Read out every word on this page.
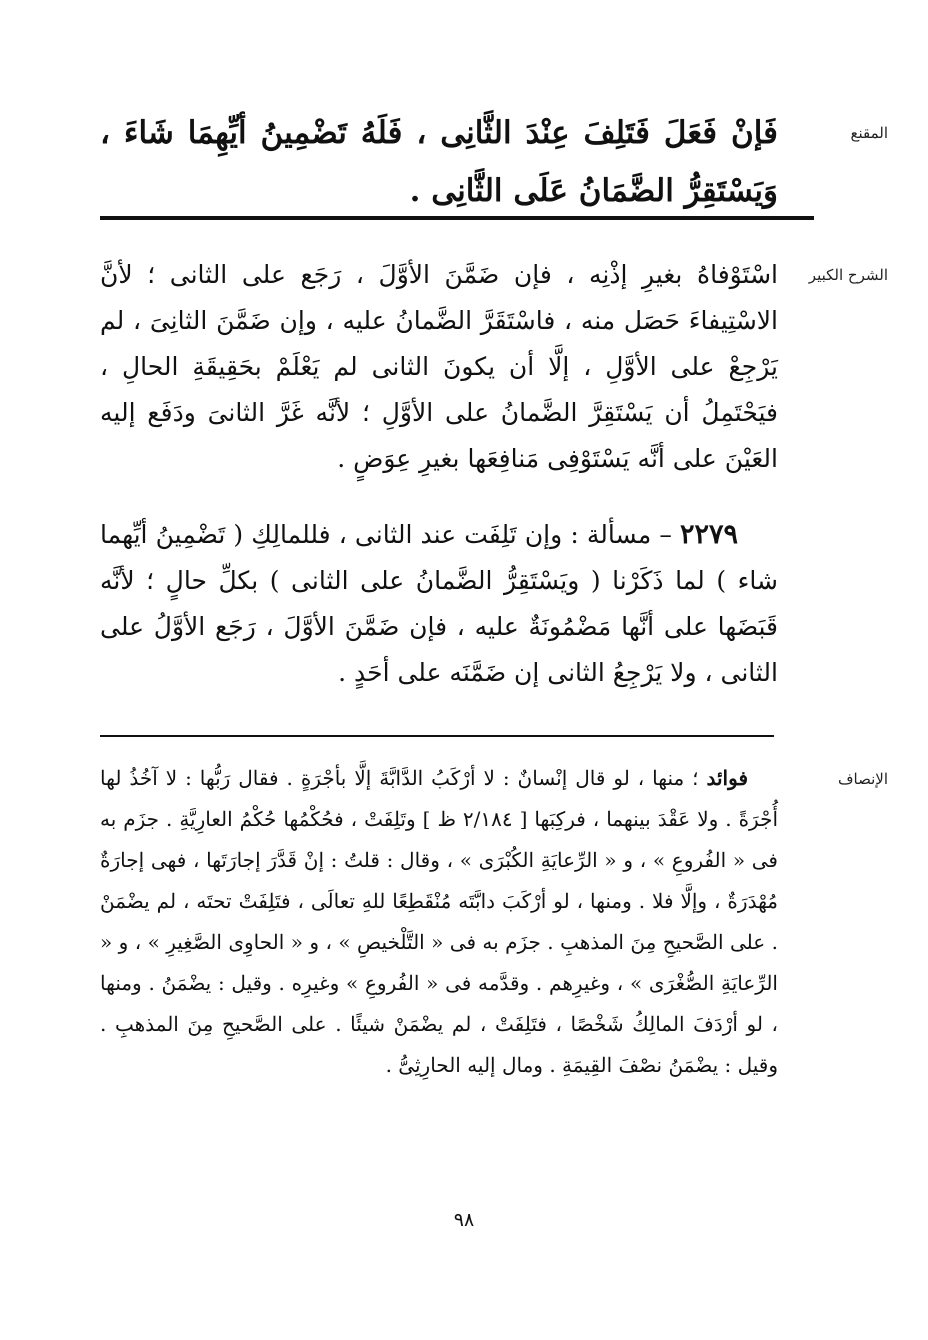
المقنع
فَإنْ فَعَلَ فَتَلِفَ عِنْدَ الثَّانِى ، فَلَهُ تَضْمِينُ أيِّهِمَا شَاءَ ، وَيَسْتَقِرُّ الضَّمَانُ عَلَى الثَّانِى .
الشرح الكبير
اسْتَوْفاهُ بغيرِ إذْنِه ، فإن ضَمَّنَ الأوَّلَ ، رَجَع على الثانى ؛ لأنَّ الاسْتِيفاءَ حَصَل منه ، فاسْتَقَرَّ الضَّمانُ عليه ، وإن ضَمَّنَ الثانِىَ ، لم يَرْجِعْ على الأوَّلِ ، إلَّا أن يكونَ الثانى لم يَعْلَمْ بحَقِيقَةِ الحالِ ، فيَحْتَمِلُ أن يَسْتَقِرَّ الضَّمانُ على الأوَّلِ ؛ لأنَّه غَرَّ الثانىَ ودَفَع إليه العَيْنَ على أنَّه يَسْتَوْفِى مَنافِعَها بغيرِ عِوَضٍ .
٢٢٧٩ – مسألة : وإن تَلِفَت عند الثانى ، فللمالِكِ ( تَضْمِينُ أيِّهما شاء ) لما ذَكَرْنا ( ويَسْتَقِرُّ الضَّمانُ على الثانى ) بكلِّ حالٍ ؛ لأنَّه قَبَضَها على أنَّها مَضْمُونَةٌ عليه ، فإن ضَمَّنَ الأوَّلَ ، رَجَع الأوَّلُ على الثانى ، ولا يَرْجِعُ الثانى إن ضَمَّنَه على أحَدٍ .
الإنصاف
فوائد ؛ منها ، لو قال إنْسانٌ : لا أرْكَبُ الدَّابَّةَ إلَّا بأجْرَةٍ . فقال رَبُّها : لا آخُذُ لها أُجْرَةً . ولا عَقْدَ بينهما ، فركِبَها [ ٢/١٨٤ ظ ] وتَلِفَتْ ، فحُكْمُها حُكْمُ العارِيَّةِ . جزَم به فى « الفُروعِ » ، و « الرِّعايَةِ الكُبْرَى » ، وقال : قلتُ : إنْ قَدَّرَ إجارَتَها ، فهى إجارَةٌ مُهْدَرَةٌ ، وإلَّا فلا . ومنها ، لو أرْكَبَ دابَّتَه مُنْقَطِعًا للهِ تعالَى ، فتَلِفَتْ تحتَه ، لم يضْمَنْ . على الصَّحيحِ مِنَ المذهبِ . جزَم به فى « التَّلْخيصِ » ، و « الحاوِى الصَّغِيرِ » ، و « الرِّعايَةِ الصُّغْرَى » ، وغيرِهم . وقدَّمه فى « الفُروعِ » وغيرِه . وقيل : يضْمَنُ . ومنها ، لو أرْدَفَ المالِكُ شَخْصًا ، فتَلِفَتْ ، لم يضْمَنْ شيئًا . على الصَّحيحِ مِنَ المذهبِ . وقيل : يضْمَنُ نصْفَ القِيمَةِ . ومال إليه الحارِثِىُّ .
٩٨
